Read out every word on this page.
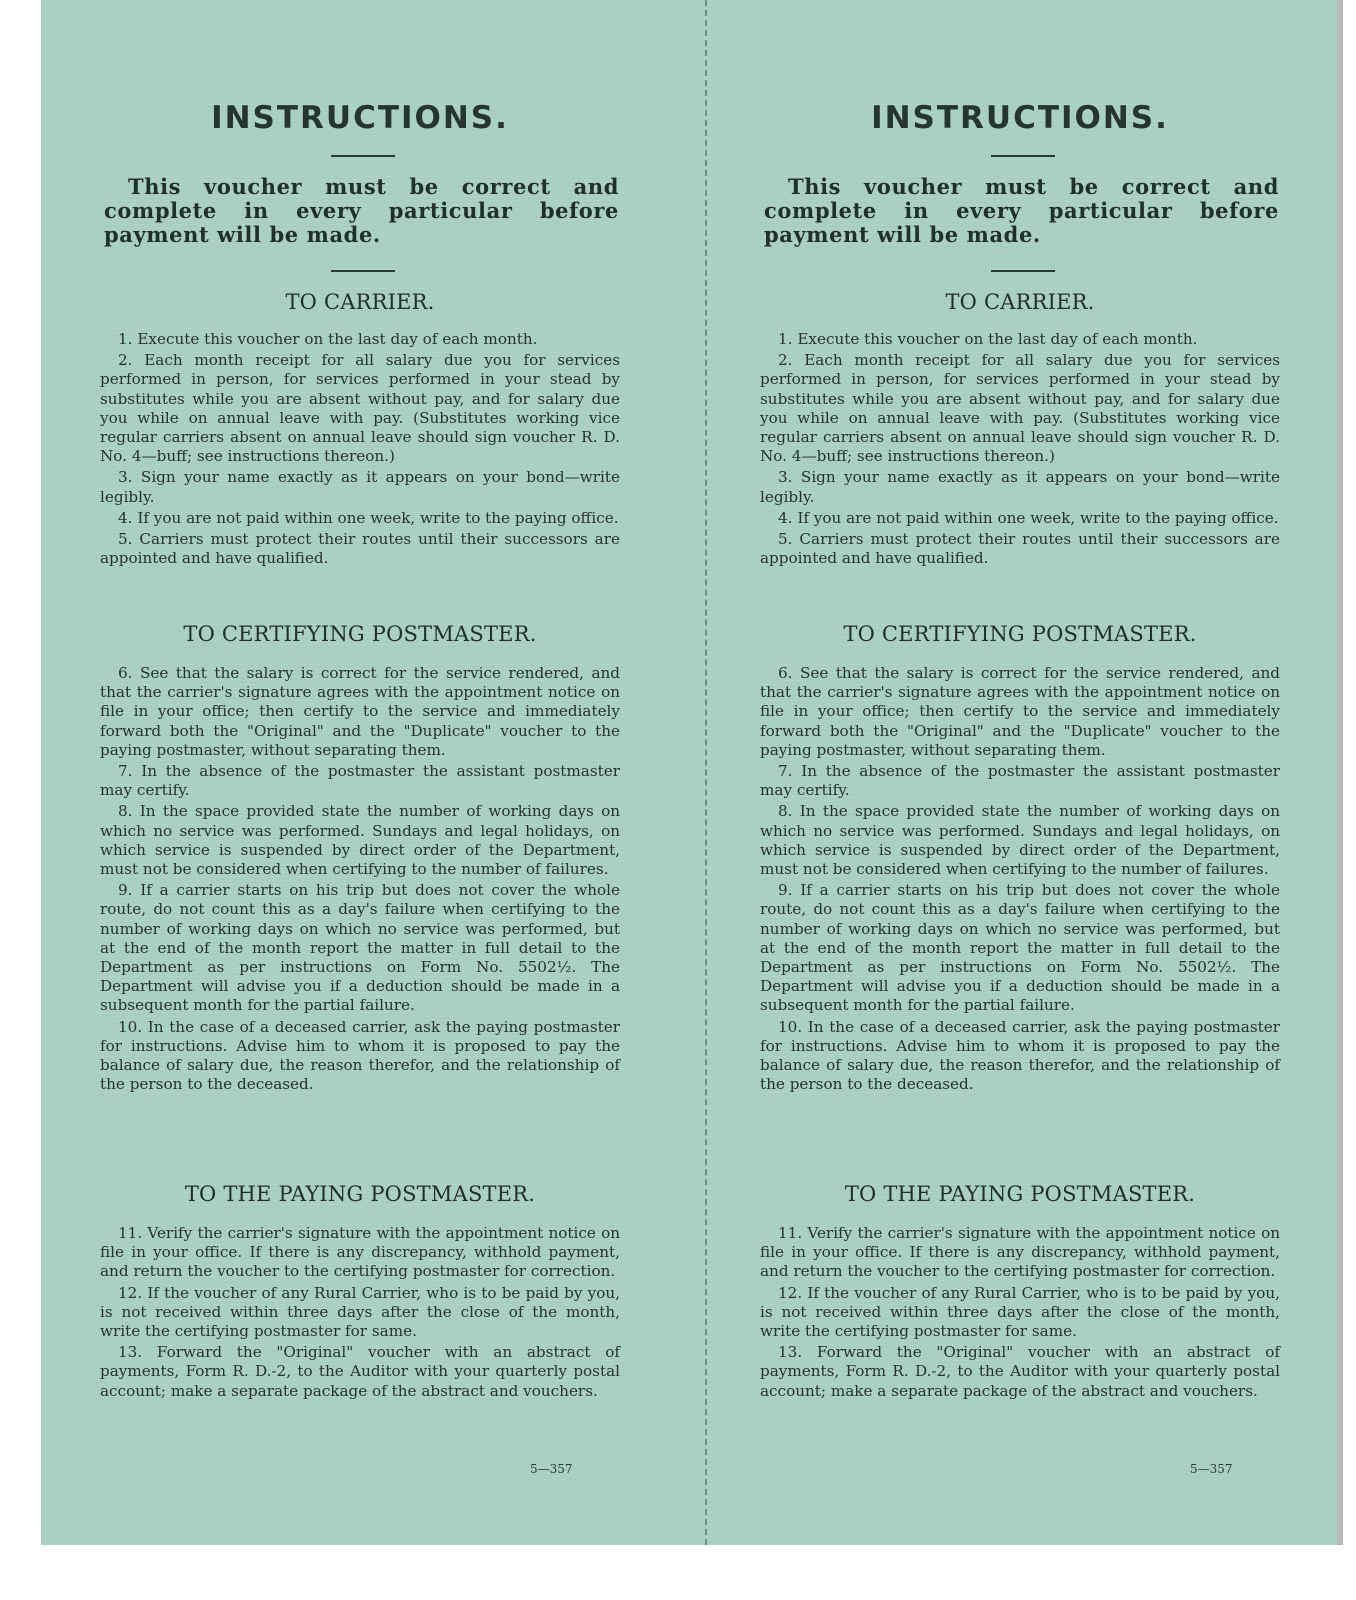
INSTRUCTIONS.
This voucher must be correct and complete in every particular before payment will be made.
TO CARRIER.

1. Execute this voucher on the last day of each month.

2. Each month receipt for all salary due you for services performed in person, for services performed in your stead by substitutes while you are absent without pay, and for salary due you while on annual leave with pay. (Substitutes working vice regular carriers absent on annual leave should sign voucher R. D. No. 4—buff; see instructions thereon.)

3. Sign your name exactly as it appears on your bond—write legibly.

4. If you are not paid within one week, write to the paying office.

5. Carriers must protect their routes until their successors are appointed and have qualified.

TO CERTIFYING POSTMASTER.

6. See that the salary is correct for the service rendered, and that the carrier's signature agrees with the appointment notice on file in your office; then certify to the service and immediately forward both the "Original" and the "Duplicate" voucher to the paying postmaster, without separating them.

7. In the absence of the postmaster the assistant postmaster may certify.

8. In the space provided state the number of working days on which no service was performed. Sundays and legal holidays, on which service is suspended by direct order of the Department, must not be considered when certifying to the number of failures.

9. If a carrier starts on his trip but does not cover the whole route, do not count this as a day's failure when certifying to the number of working days on which no service was performed, but at the end of the month report the matter in full detail to the Department as per instructions on Form No. 5502½. The Department will advise you if a deduction should be made in a subsequent month for the partial failure.

10. In the case of a deceased carrier, ask the paying postmaster for instructions. Advise him to whom it is proposed to pay the balance of salary due, the reason therefor, and the relationship of the person to the deceased.

TO THE PAYING POSTMASTER.

11. Verify the carrier's signature with the appointment notice on file in your office. If there is any discrepancy, withhold payment, and return the voucher to the certifying postmaster for correction.

12. If the voucher of any Rural Carrier, who is to be paid by you, is not received within three days after the close of the month, write the certifying postmaster for same.

13. Forward the "Original" voucher with an abstract of payments, Form R. D.-2, to the Auditor with your quarterly postal account; make a separate package of the abstract and vouchers.

5—357
INSTRUCTIONS.
This voucher must be correct and complete in every particular before payment will be made.
TO CARRIER.

1. Execute this voucher on the last day of each month.

2. Each month receipt for all salary due you for services performed in person, for services performed in your stead by substitutes while you are absent without pay, and for salary due you while on annual leave with pay. (Substitutes working vice regular carriers absent on annual leave should sign voucher R. D. No. 4—buff; see instructions thereon.)

3. Sign your name exactly as it appears on your bond—write legibly.

4. If you are not paid within one week, write to the paying office.

5. Carriers must protect their routes until their successors are appointed and have qualified.

TO CERTIFYING POSTMASTER.

6. See that the salary is correct for the service rendered, and that the carrier's signature agrees with the appointment notice on file in your office; then certify to the service and immediately forward both the "Original" and the "Duplicate" voucher to the paying postmaster, without separating them.

7. In the absence of the postmaster the assistant postmaster may certify.

8. In the space provided state the number of working days on which no service was performed. Sundays and legal holidays, on which service is suspended by direct order of the Department, must not be considered when certifying to the number of failures.

9. If a carrier starts on his trip but does not cover the whole route, do not count this as a day's failure when certifying to the number of working days on which no service was performed, but at the end of the month report the matter in full detail to the Department as per instructions on Form No. 5502½. The Department will advise you if a deduction should be made in a subsequent month for the partial failure.

10. In the case of a deceased carrier, ask the paying postmaster for instructions. Advise him to whom it is proposed to pay the balance of salary due, the reason therefor, and the relationship of the person to the deceased.

TO THE PAYING POSTMASTER.

11. Verify the carrier's signature with the appointment notice on file in your office. If there is any discrepancy, withhold payment, and return the voucher to the certifying postmaster for correction.

12. If the voucher of any Rural Carrier, who is to be paid by you, is not received within three days after the close of the month, write the certifying postmaster for same.

13. Forward the "Original" voucher with an abstract of payments, Form R. D.-2, to the Auditor with your quarterly postal account; make a separate package of the abstract and vouchers.

5—357
